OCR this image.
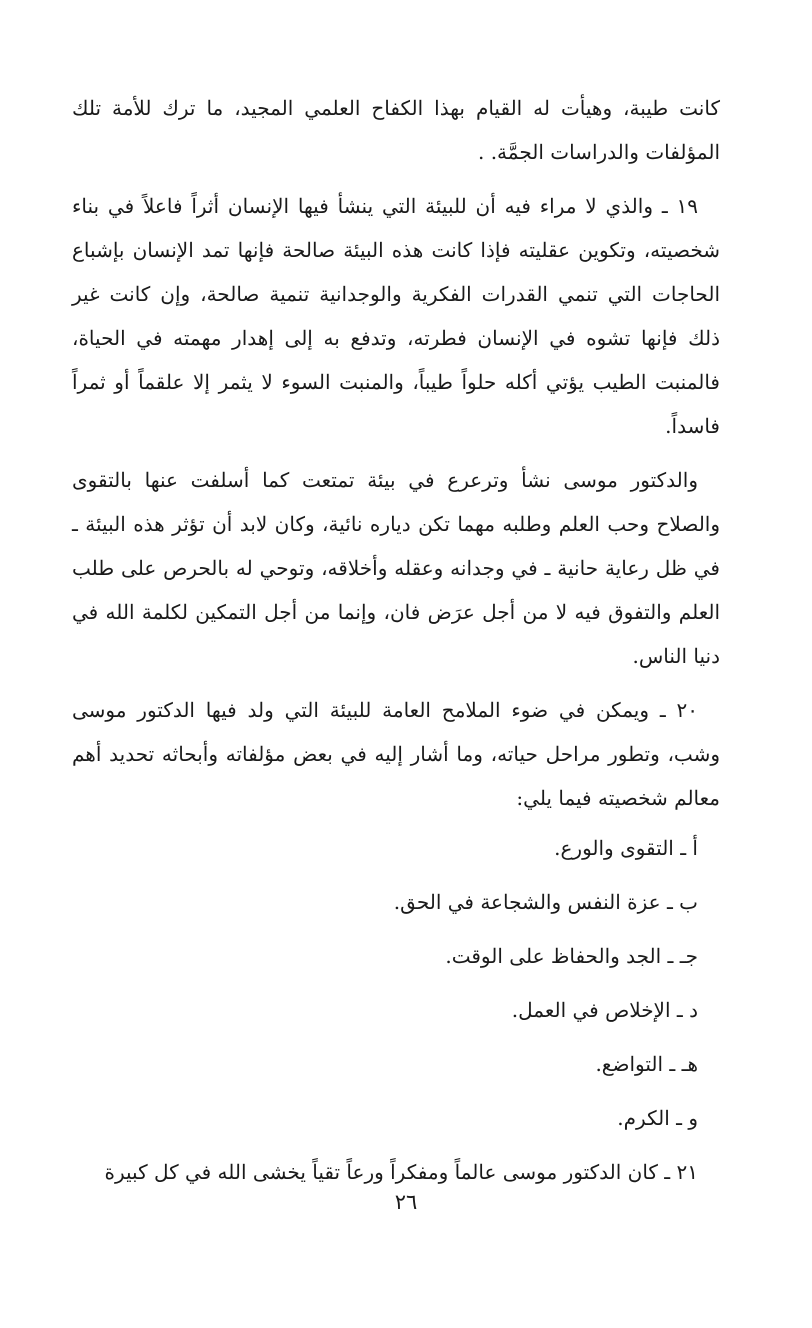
كانت طيبة، وهيأت له القيام بهذا الكفاح العلمي المجيد، ما ترك للأمة تلك المؤلفات والدراسات الجمَّة. .

١٩ ـ والذي لا مراء فيه أن للبيئة التي ينشأ فيها الإنسان أثراً فاعلاً في بناء شخصيته، وتكوين عقليته فإذا كانت هذه البيئة صالحة فإنها تمد الإنسان بإشباع الحاجات التي تنمي القدرات الفكرية والوجدانية تنمية صالحة، وإن كانت غير ذلك فإنها تشوه في الإنسان فطرته، وتدفع به إلى إهدار مهمته في الحياة، فالمنبت الطيب يؤتي أكله حلواً طيباً، والمنبت السوء لا يثمر إلا علقماً أو ثمراً فاسداً.

والدكتور موسى نشأ وترعرع في بيئة تمتعت كما أسلفت عنها بالتقوى والصلاح وحب العلم وطلبه مهما تكن دياره نائية، وكان لابد أن تؤثر هذه البيئة ـ في ظل رعاية حانية ـ في وجدانه وعقله وأخلاقه، وتوحي له بالحرص على طلب العلم والتفوق فيه لا من أجل عرَض فان، وإنما من أجل التمكين لكلمة الله في دنيا الناس.

٢٠ ـ ويمكن في ضوء الملامح العامة للبيئة التي ولد فيها الدكتور موسى وشب، وتطور مراحل حياته، وما أشار إليه في بعض مؤلفاته وأبحاثه تحديد أهم معالم شخصيته فيما يلي:

أ ـ التقوى والورع.
ب ـ عزة النفس والشجاعة في الحق.
جـ ـ الجد والحفاظ على الوقت.
د ـ الإخلاص في العمل.
هـ ـ التواضع.
و ـ الكرم.

٢١ ـ كان الدكتور موسى عالماً ومفكراً ورعاً تقياً يخشى الله في كل كبيرة

٢٦
